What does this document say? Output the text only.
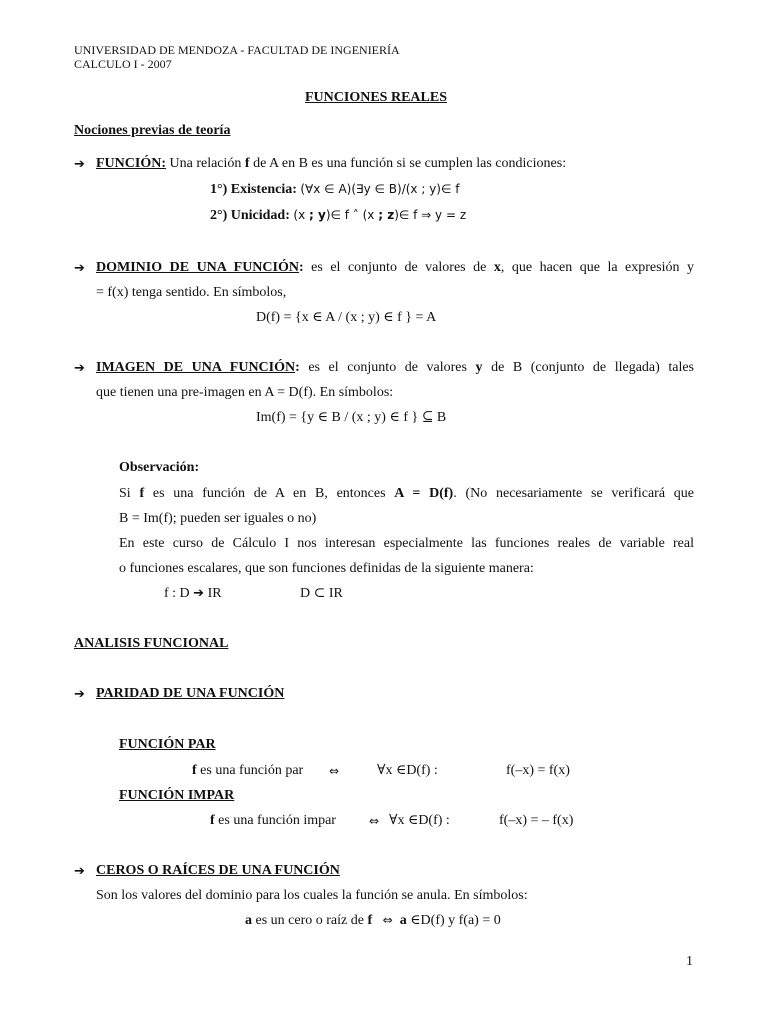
UNIVERSIDAD DE MENDOZA - FACULTAD DE INGENIERÍA
CALCULO I - 2007
FUNCIONES REALES
Nociones previas de teoría
➔ FUNCIÓN: Una relación f de A en B es una función si se cumplen las condiciones:
1°) Existencia: (∀x ∈ A)(∃y ∈ B)/(x ; y)∈ f
2°) Unicidad: (x ; y)∈ f ˄ (x ; z)∈ f ⇒ y = z
➔ DOMINIO DE UNA FUNCIÓN: es el conjunto de valores de x, que hacen que la expresión y
= f(x) tenga sentido. En símbolos,
D(f) = {x ∈ A / (x ; y) ∈ f } = A
➔ IMAGEN DE UNA FUNCIÓN: es el conjunto de valores y de B (conjunto de llegada) tales
que tienen una pre-imagen en A = D(f). En símbolos:
Im(f) = {y ∈ B / (x ; y) ∈ f } ⊆ B
Observación:
Si f es una función de A en B, entonces A = D(f). (No necesariamente se verificará que
B = Im(f); pueden ser iguales o no)
En este curso de Cálculo I nos interesan especialmente las funciones reales de variable real
o funciones escalares, que son funciones definidas de la siguiente manera:
f : D ➔ IR	D ⊂ IR
ANALISIS FUNCIONAL
➔ PARIDAD DE UNA FUNCIÓN
FUNCIÓN PAR
f es una función par ⇔	∀x ∈D(f) :	f(–x) = f(x)
FUNCIÓN IMPAR
f es una función impar	⇔ ∀x ∈D(f) :	f(–x) = – f(x)
➔ CEROS O RAÍCES DE UNA FUNCIÓN
Son los valores del dominio para los cuales la función se anula. En símbolos:
a es un cero o raíz de f ⇔ a ∈D(f) y f(a) = 0
1
